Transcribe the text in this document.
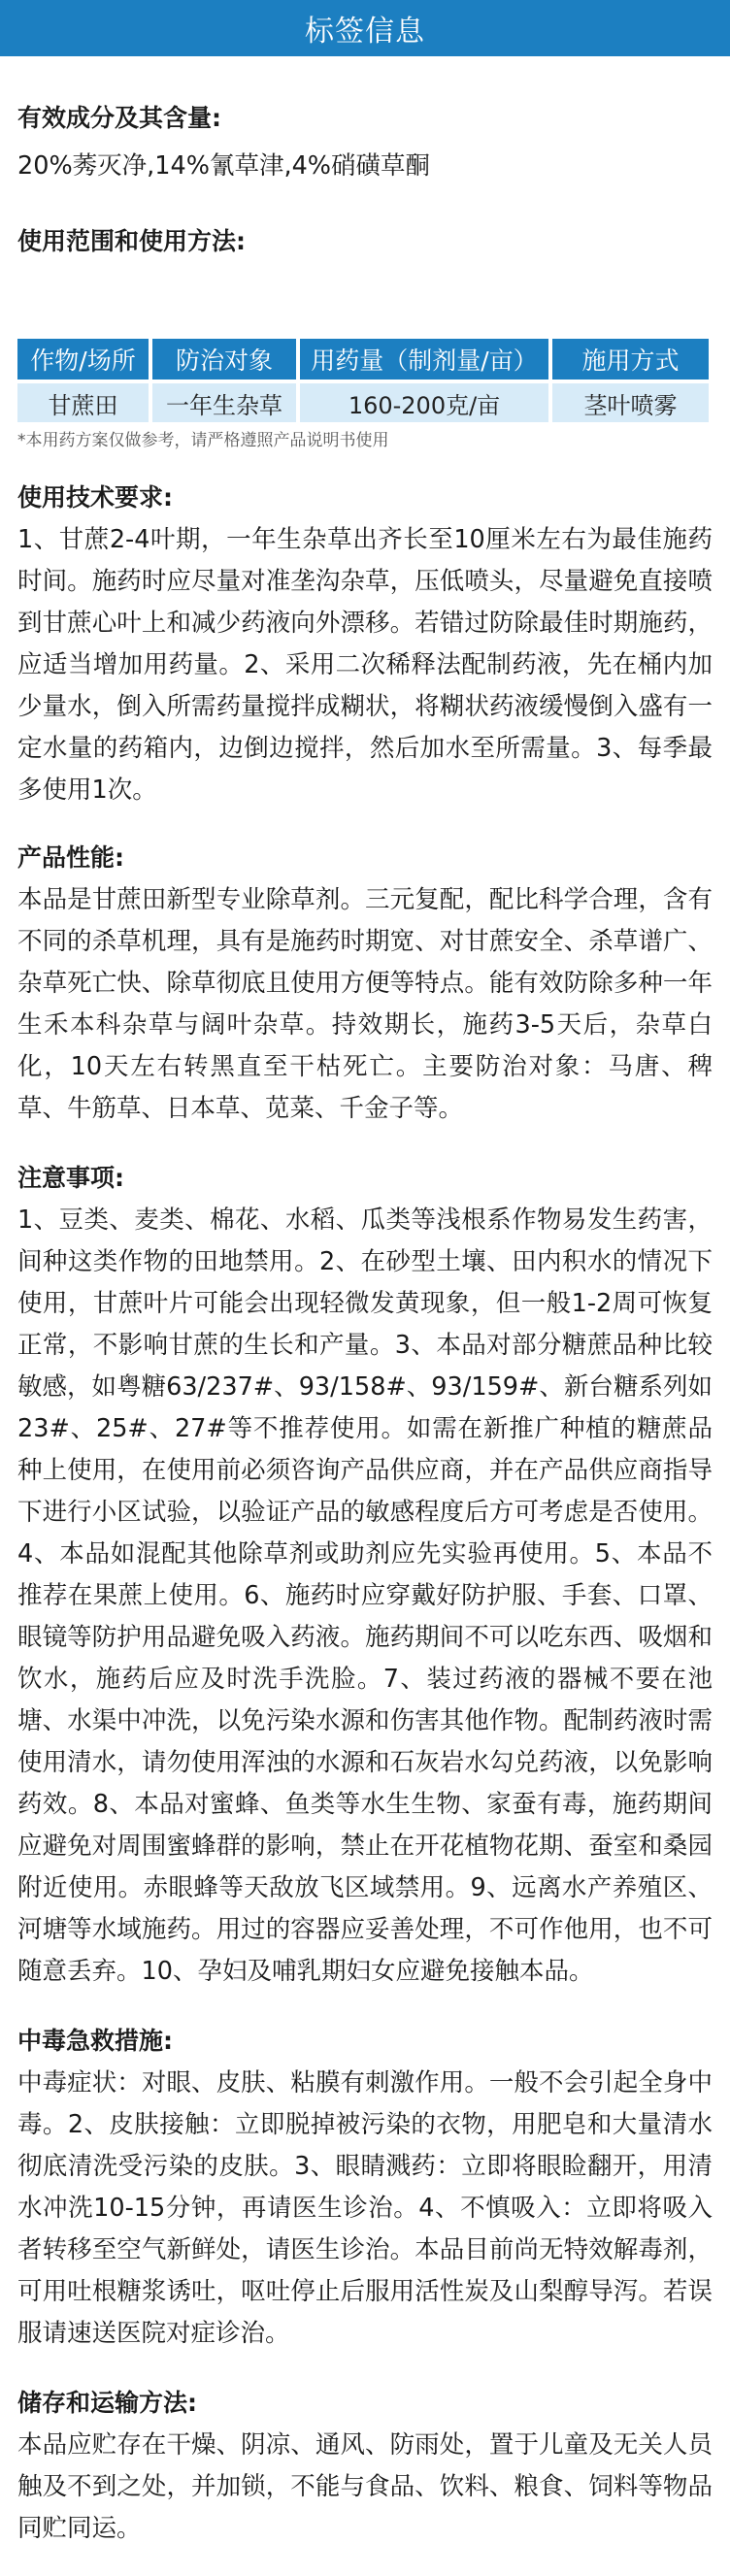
标签信息
有效成分及其含量:

20%莠灭净,14%氰草津,4%硝磺草酮

使用范围和使用方法:
作物/场所	防治对象	用药量（制剂量/亩）	施用方式
甘蔗田	一年生杂草	160-200克/亩	茎叶喷雾
*本用药方案仅做参考，请严格遵照产品说明书使用
使用技术要求:

1、甘蔗2-4叶期，一年生杂草出齐长至10厘米左右为最佳施药时间。施药时应尽量对准垄沟杂草，压低喷头，尽量避免直接喷到甘蔗心叶上和减少药液向外漂移。若错过防除最佳时期施药，应适当增加用药量。2、采用二次稀释法配制药液，先在桶内加少量水，倒入所需药量搅拌成糊状，将糊状药液缓慢倒入盛有一定水量的药箱内，边倒边搅拌，然后加水至所需量。3、每季最多使用1次。

产品性能:

本品是甘蔗田新型专业除草剂。三元复配，配比科学合理，含有不同的杀草机理，具有是施药时期宽、对甘蔗安全、杀草谱广、杂草死亡快、除草彻底且使用方便等特点。能有效防除多种一年生禾本科杂草与阔叶杂草。持效期长，施药3-5天后，杂草白化，10天左右转黑直至干枯死亡。主要防治对象：马唐、稗草、牛筋草、日本草、苋菜、千金子等。

注意事项:

1、豆类、麦类、棉花、水稻、瓜类等浅根系作物易发生药害，间种这类作物的田地禁用。2、在砂型土壤、田内积水的情况下使用，甘蔗叶片可能会出现轻微发黄现象，但一般1-2周可恢复正常，不影响甘蔗的生长和产量。3、本品对部分糖蔗品种比较敏感，如粤糖63/237#、93/158#、93/159#、新台糖系列如23#、25#、27#等不推荐使用。如需在新推广种植的糖蔗品种上使用，在使用前必须咨询产品供应商，并在产品供应商指导下进行小区试验，以验证产品的敏感程度后方可考虑是否使用。4、本品如混配其他除草剂或助剂应先实验再使用。5、本品不推荐在果蔗上使用。6、施药时应穿戴好防护服、手套、口罩、眼镜等防护用品避免吸入药液。施药期间不可以吃东西、吸烟和饮水，施药后应及时洗手洗脸。7、装过药液的器械不要在池塘、水渠中冲洗，以免污染水源和伤害其他作物。配制药液时需使用清水，请勿使用浑浊的水源和石灰岩水勾兑药液，以免影响药效。8、本品对蜜蜂、鱼类等水生生物、家蚕有毒，施药期间应避免对周围蜜蜂群的影响，禁止在开花植物花期、蚕室和桑园附近使用。赤眼蜂等天敌放飞区域禁用。9、远离水产养殖区、河塘等水域施药。用过的容器应妥善处理，不可作他用，也不可随意丢弃。10、孕妇及哺乳期妇女应避免接触本品。

中毒急救措施:

中毒症状：对眼、皮肤、粘膜有刺激作用。一般不会引起全身中毒。2、皮肤接触：立即脱掉被污染的衣物，用肥皂和大量清水彻底清洗受污染的皮肤。3、眼睛溅药：立即将眼睑翻开，用清水冲洗10-15分钟，再请医生诊治。4、不慎吸入：立即将吸入者转移至空气新鲜处，请医生诊治。本品目前尚无特效解毒剂，可用吐根糖浆诱吐，呕吐停止后服用活性炭及山梨醇导泻。若误服请速送医院对症诊治。

储存和运输方法:

本品应贮存在干燥、阴凉、通风、防雨处，置于儿童及无关人员触及不到之处，并加锁，不能与食品、饮料、粮食、饲料等物品同贮同运。
